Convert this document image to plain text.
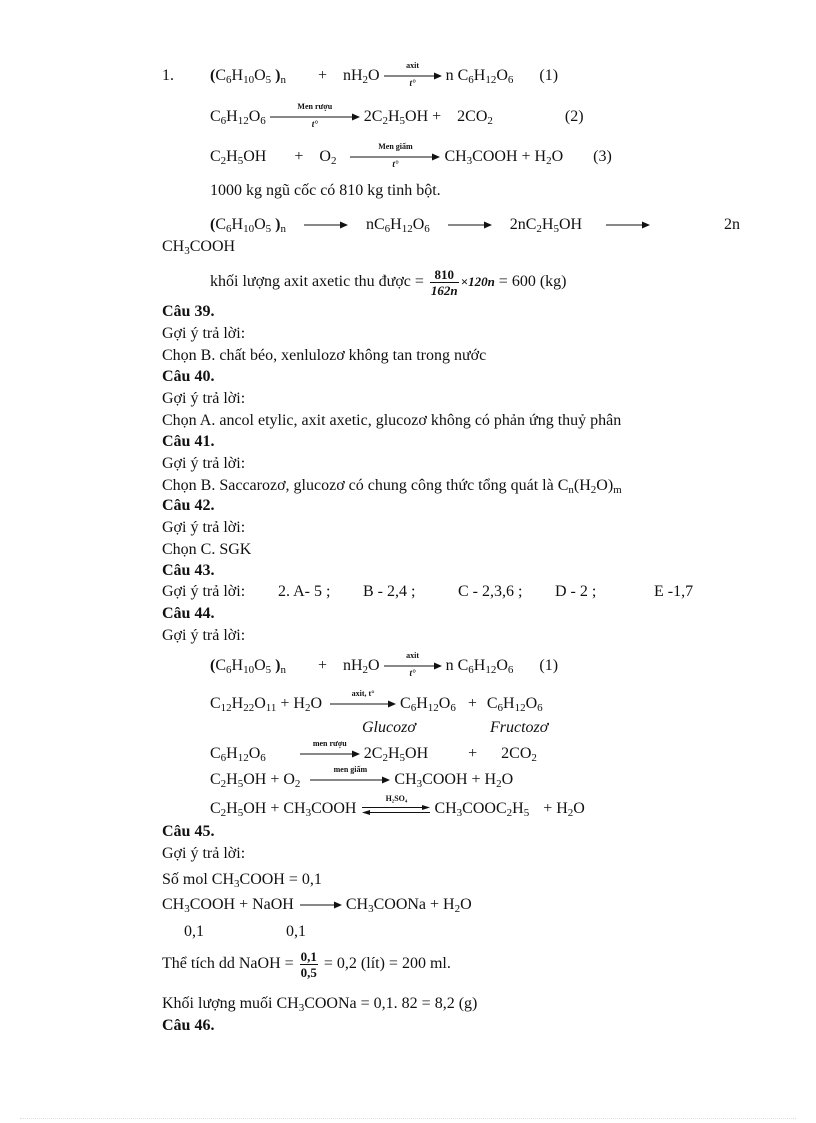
1. ($C_6H_{10}O_5$ )$_n + nH_2O$
axit
t°	n $C_6H_{12}O_6$ (1)
$C_6H_{12}O_6$
Men rượu
t°	$2C_2H_5OH + 2CO_2$	(2)
$C_2H_5OH + O_2$
Men giấm
t°	$CH_3COOH + H_2O$ (3)
1000 kg ngũ cốc có 810 kg tinh bột.
($C_6H_{10}O_5$ )$_n \to nC_6H_{12}O_6 \to 2nC_2H_5OH$ →	2n
$CH_3COOH$
khối lượng axit axetic thu được = $\frac{810}{162n} \times 120n = 600$ (kg)
Câu 39.
Gợi ý trả lời:
Chọn B. chất béo, xenlulozơ không tan trong nước
Câu 40.
Gợi ý trả lời:
Chọn A. ancol etylic, axit axetic, glucozơ không có phản ứng thuỷ phân
Câu 41.
Gợi ý trả lời:
Chọn B. Saccarozơ, glucozơ có chung công thức tổng quát là $C_n(H_2O)_m$
Câu 42.
Gợi ý trả lời:
Chọn C. SGK
Câu 43.
Gợi ý trả lời: 2. A- 5 ; B - 2,4 ;	C - 2,3,6 ; D - 2 ;	E -1,7
Câu 44.
Gợi ý trả lời:
($C_6H_{10}O_5$ )$_n + nH_2O$
axit
t°	n $C_6H_{12}O_6$ (1)
$C_{12}H_{22}O_{11} + H_2O$
axit, t°
$C_6H_{12}O_6 + C_6H_{12}O_6$
Glucozơ	Fructozơ
$C_6H_{12}O_6$
men rượu
$2C_2H_5OH$	+ $2CO_2$
$C_2H_5OH + O_2$
men giấm
$CH_3COOH + H_2O$
$C_2H_5OH$ + $CH_3COOH$
H₂SO₄
$CH_3COOC_2H_5 + H_2O$
Câu 45.
Gợi ý trả lời:
Số mol $CH_3COOH = 0,1$
$CH_3COOH$ + NaOH → $CH_3COONa + H_2O$
0,1	0,1
Thể tích dd NaOH = $\frac{0,1}{0,5} = 0,2$ (lít) = 200 ml.
Khối lượng muối $CH_3COONa = 0,1$. 82 = 8,2 (g)
Câu 46.
